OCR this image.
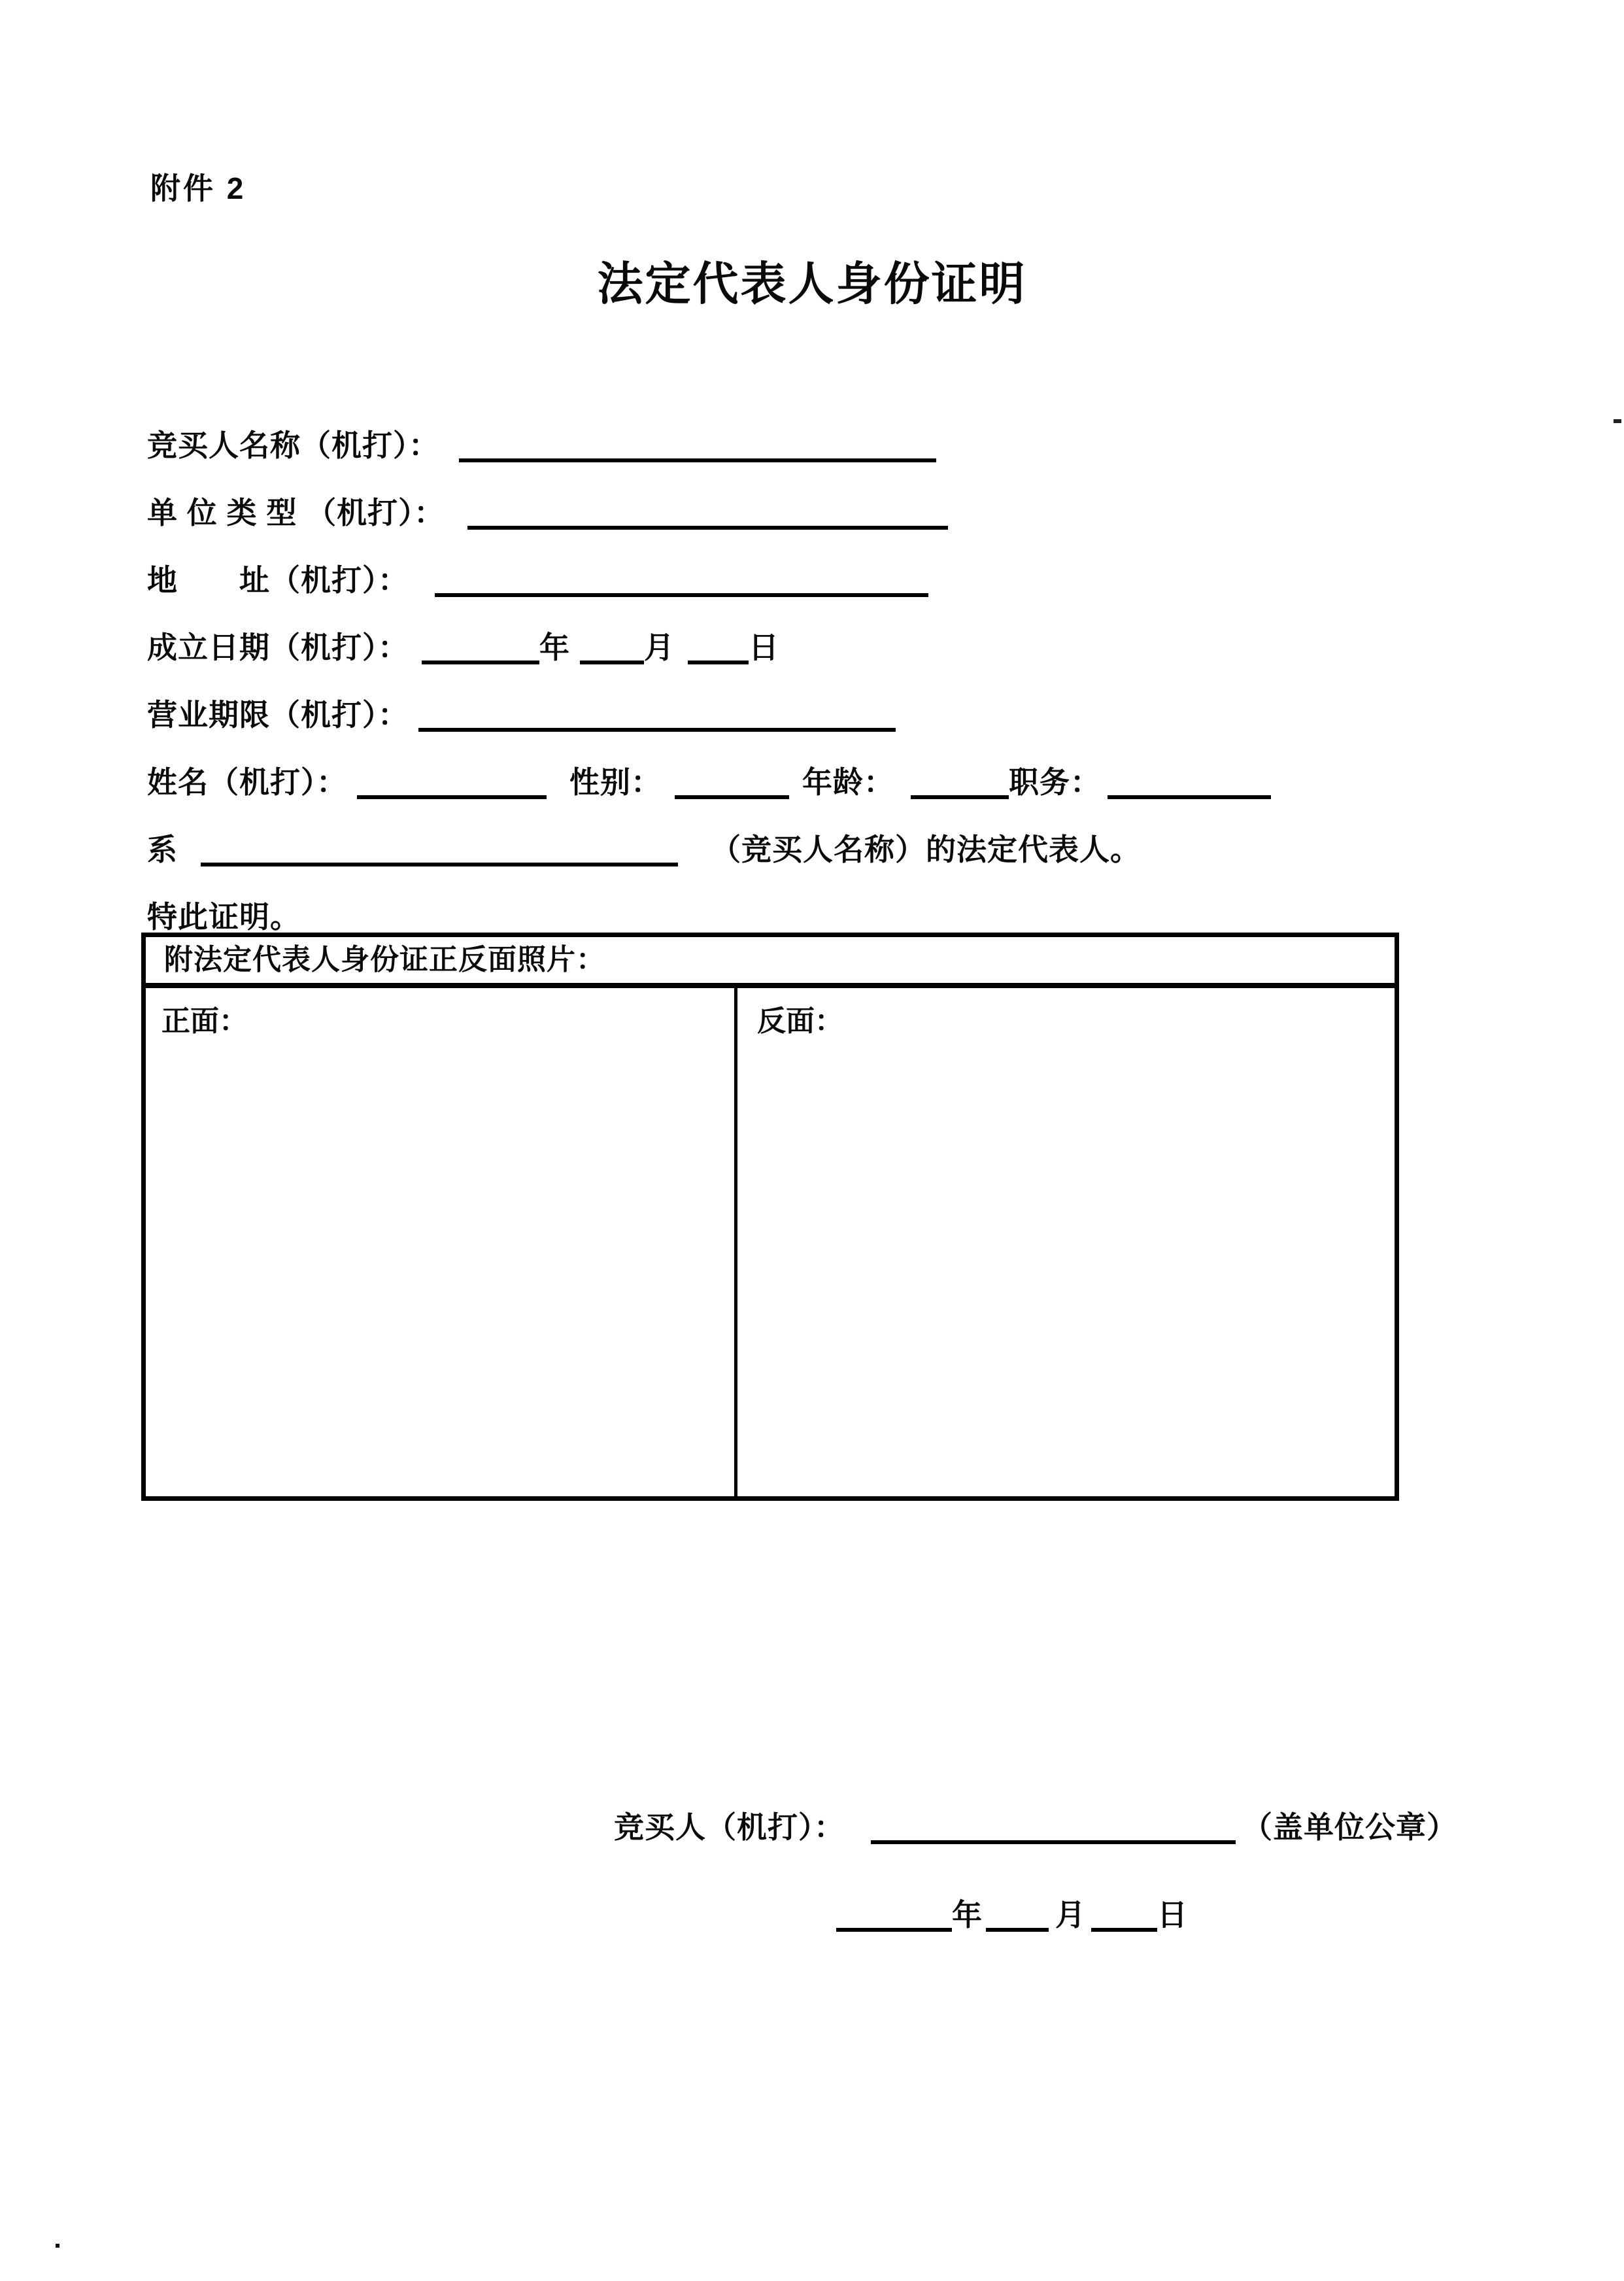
附件 2
法定代表人身份证明
竞买人名称（机打）：
单 位 类 型 （机打）：
地　　址（机打）：
成立日期（机打）：	年 月 日
营业期限（机打）：
姓名（机打）：	性别：	年龄：	职务：
系	（竞买人名称）的法定代表人。
特此证明。
附法定代表人身份证正反面照片：
正面：	反面：
竞买人（机打）：	（盖单位公章）
年 月 日
